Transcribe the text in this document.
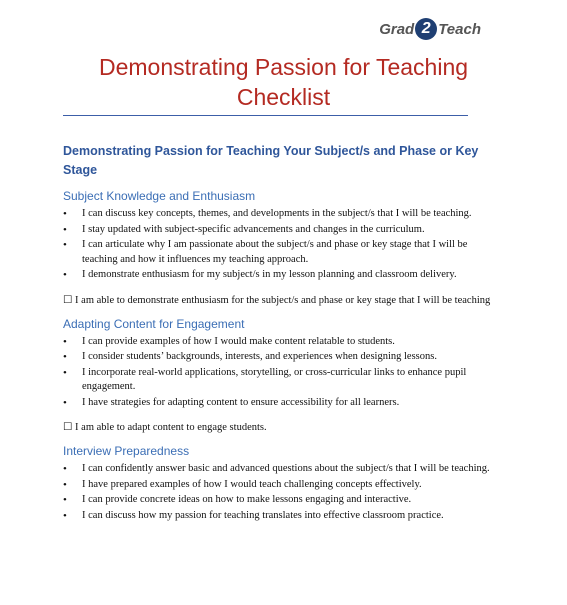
Grad 2 Teach
Demonstrating Passion for Teaching
Checklist
Demonstrating Passion for Teaching Your Subject/s and Phase or Key Stage
Subject Knowledge and Enthusiasm
• I can discuss key concepts, themes, and developments in the subject/s that I will be teaching.
• I stay updated with subject-specific advancements and changes in the curriculum.
• I can articulate why I am passionate about the subject/s and phase or key stage that I will be teaching and how it influences my teaching approach.
• I demonstrate enthusiasm for my subject/s in my lesson planning and classroom delivery.
☐ I am able to demonstrate enthusiasm for the subject/s and phase or key stage that I will be teaching
Adapting Content for Engagement
• I can provide examples of how I would make content relatable to students.
• I consider students’ backgrounds, interests, and experiences when designing lessons.
• I incorporate real-world applications, storytelling, or cross-curricular links to enhance pupil engagement.
• I have strategies for adapting content to ensure accessibility for all learners.
☐ I am able to adapt content to engage students.
Interview Preparedness
• I can confidently answer basic and advanced questions about the subject/s that I will be teaching.
• I have prepared examples of how I would teach challenging concepts effectively.
• I can provide concrete ideas on how to make lessons engaging and interactive.
• I can discuss how my passion for teaching translates into effective classroom practice.
